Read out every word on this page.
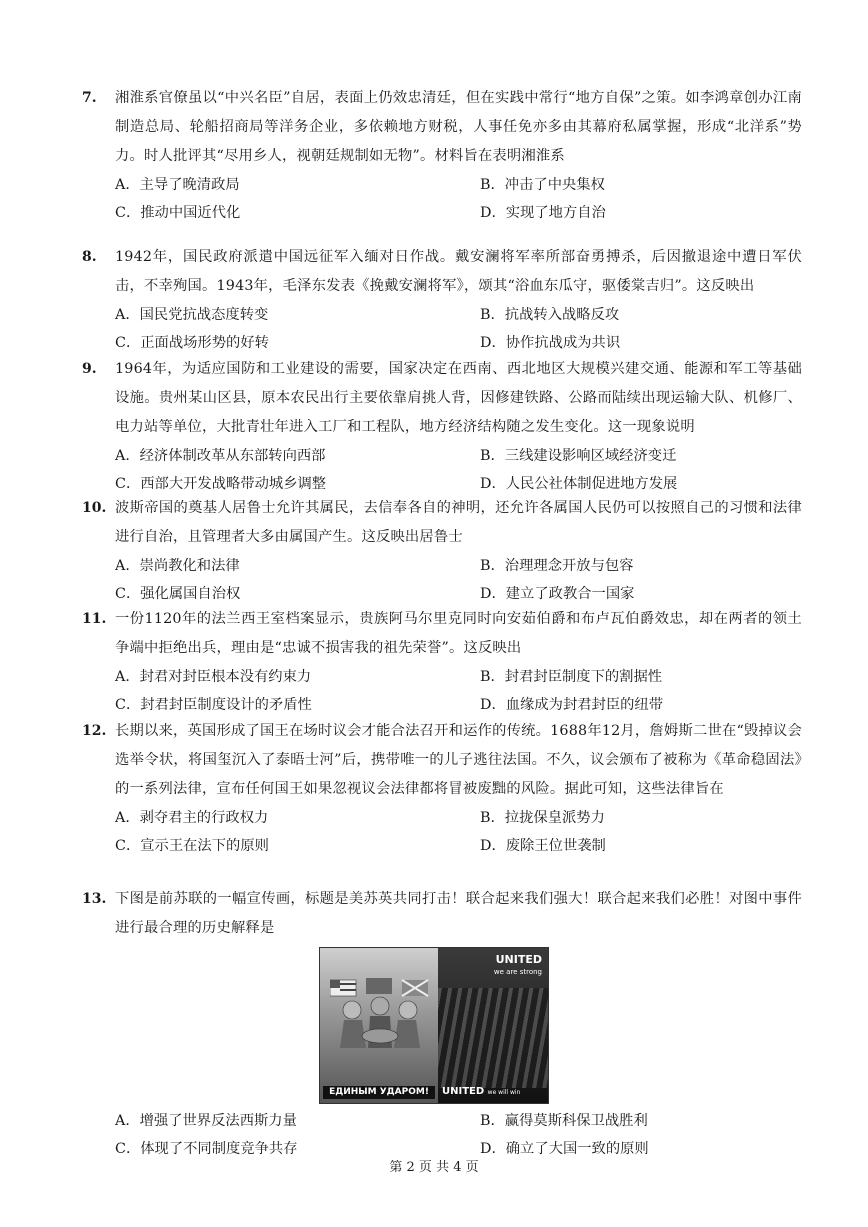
7. 湘淮系官僚虽以“中兴名臣”自居，表面上仍效忠清廷，但在实践中常行“地方自保”之策。如李鸿章创办江南制造总局、轮船招商局等洋务企业，多依赖地方财税，人事任免亦多由其幕府私属掌握，形成“北洋系”势力。时人批评其“尽用乡人，视朝廷规制如无物”。材料旨在表明湘淮系
A．主导了晚清政局	B．冲击了中央集权
C．推动中国近代化	D．实现了地方自治
8. 1942年，国民政府派遣中国远征军入缅对日作战。戴安澜将军率所部奋勇搏杀，后因撤退途中遭日军伏击，不幸殉国。1943年，毛泽东发表《挽戴安澜将军》，颂其“浴血东瓜守，驱倭棠吉归”。这反映出
A．国民党抗战态度转变	B．抗战转入战略反攻
C．正面战场形势的好转	D．协作抗战成为共识
9. 1964年，为适应国防和工业建设的需要，国家决定在西南、西北地区大规模兴建交通、能源和军工等基础设施。贵州某山区县，原本农民出行主要依靠肩挑人背，因修建铁路、公路而陆续出现运输大队、机修厂、电力站等单位，大批青壮年进入工厂和工程队，地方经济结构随之发生变化。这一现象说明
A．经济体制改革从东部转向西部	B．三线建设影响区域经济变迁
C．西部大开发战略带动城乡调整	D．人民公社体制促进地方发展
10. 波斯帝国的奠基人居鲁士允许其属民，去信奉各自的神明，还允许各属国人民仍可以按照自己的习惯和法律进行自治，且管理者大多由属国产生。这反映出居鲁士
A．崇尚教化和法律	B．治理理念开放与包容
C．强化属国自治权	D．建立了政教合一国家
11. 一份1120年的法兰西王室档案显示，贵族阿马尔里克同时向安茹伯爵和布卢瓦伯爵效忠，却在两者的领土争端中拒绝出兵，理由是“忠诚不损害我的祖先荣誉”。这反映出
A．封君对封臣根本没有约束力	B．封君封臣制度下的割据性
C．封君封臣制度设计的矛盾性	D．血缘成为封君封臣的纽带
12. 长期以来，英国形成了国王在场时议会才能合法召开和运作的传统。1688年12月，詹姆斯二世在“毁掉议会选举令状，将国玺沉入了泰晤士河”后，携带唯一的儿子逃往法国。不久，议会颁布了被称为《革命稳固法》的一系列法律，宣布任何国王如果忽视议会法律都将冒被废黜的风险。据此可知，这些法律旨在
A．剥夺君主的行政权力	B．拉拢保皇派势力
C．宣示王在法下的原则	D．废除王位世袭制
13. 下图是前苏联的一幅宣传画，标题是美苏英共同打击！联合起来我们强大！联合起来我们必胜！对图中事件进行最合理的历史解释是
ЕДИНЫМ УДАРОМ!
UNITED
we are strong
UNITED we will win
A．增强了世界反法西斯力量	B．赢得莫斯科保卫战胜利
C．体现了不同制度竞争共存	D．确立了大国一致的原则
第 2 页 共 4 页
